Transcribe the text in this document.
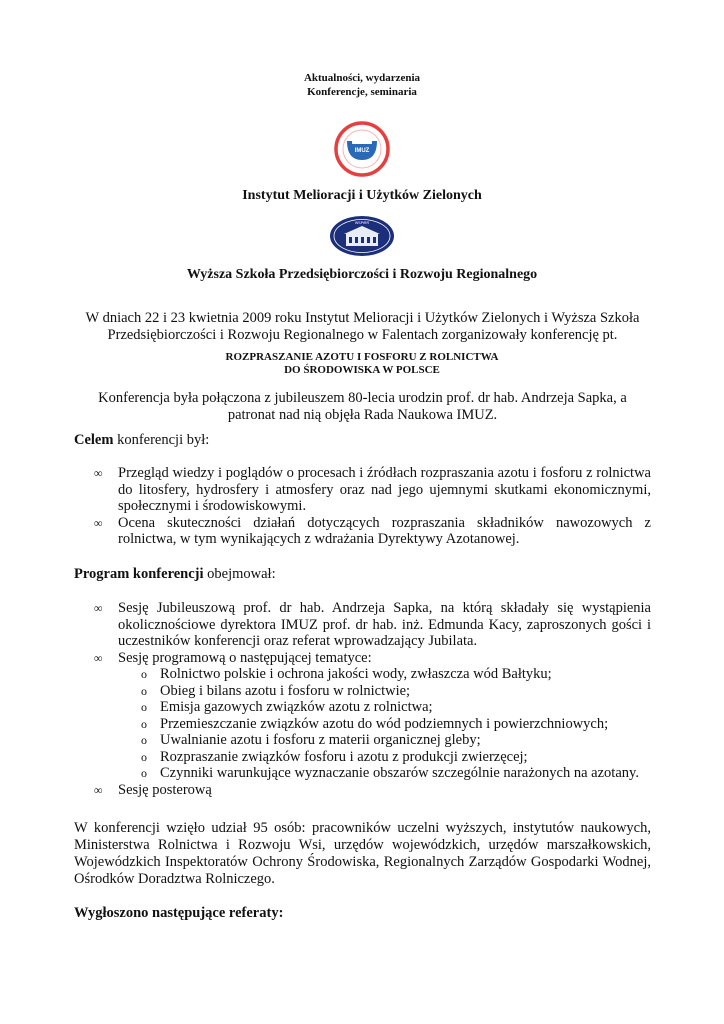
Aktualności, wydarzenia
Konferencje, seminaria
IMUZ
Instytut Melioracji i Użytków Zielonych
WSPiRR
Wyższa Szkoła Przedsiębiorczości i Rozwoju Regionalnego
W dniach 22 i 23 kwietnia 2009 roku Instytut Melioracji i Użytków Zielonych i Wyższa Szkoła
Przedsiębiorczości i Rozwoju Regionalnego w Falentach zorganizowały konferencję pt.
ROZPRASZANIE AZOTU I FOSFORU Z ROLNICTWA
DO ŚRODOWISKA W POLSCE
Konferencja była połączona z jubileuszem 80-lecia urodzin prof. dr hab. Andrzeja Sapka, a
patronat nad nią objęła Rada Naukowa IMUZ.
Celem konferencji był:
∞ Przegląd wiedzy i poglądów o procesach i źródłach rozpraszania azotu i fosforu z rolnictwa do litosfery, hydrosfery i atmosfery oraz nad jego ujemnymi skutkami ekonomicznymi, społecznymi i środowiskowymi.
∞ Ocena skuteczności działań dotyczących rozpraszania składników nawozowych z rolnictwa, w tym wynikających z wdrażania Dyrektywy Azotanowej.
Program konferencji obejmował:
∞ Sesję Jubileuszową prof. dr hab. Andrzeja Sapka, na którą składały się wystąpienia okolicznościowe dyrektora IMUZ prof. dr hab. inż. Edmunda Kacy, zaproszonych gości i uczestników konferencji oraz referat wprowadzający Jubilata.
∞ Sesję programową o następującej tematyce:
o Rolnictwo polskie i ochrona jakości wody, zwłaszcza wód Bałtyku;
o Obieg i bilans azotu i fosforu w rolnictwie;
o Emisja gazowych związków azotu z rolnictwa;
o Przemieszczanie związków azotu do wód podziemnych i powierzchniowych;
o Uwalnianie azotu i fosforu z materii organicznej gleby;
o Rozpraszanie związków fosforu i azotu z produkcji zwierzęcej;
o Czynniki warunkujące wyznaczanie obszarów szczególnie narażonych na azotany.
∞ Sesję posterową
W konferencji wzięło udział 95 osób: pracowników uczelni wyższych, instytutów naukowych, Ministerstwa Rolnictwa i Rozwoju Wsi, urzędów wojewódzkich, urzędów marszałkowskich, Wojewódzkich Inspektoratów Ochrony Środowiska, Regionalnych Zarządów Gospodarki Wodnej, Ośrodków Doradztwa Rolniczego.
Wygłoszono następujące referaty:
